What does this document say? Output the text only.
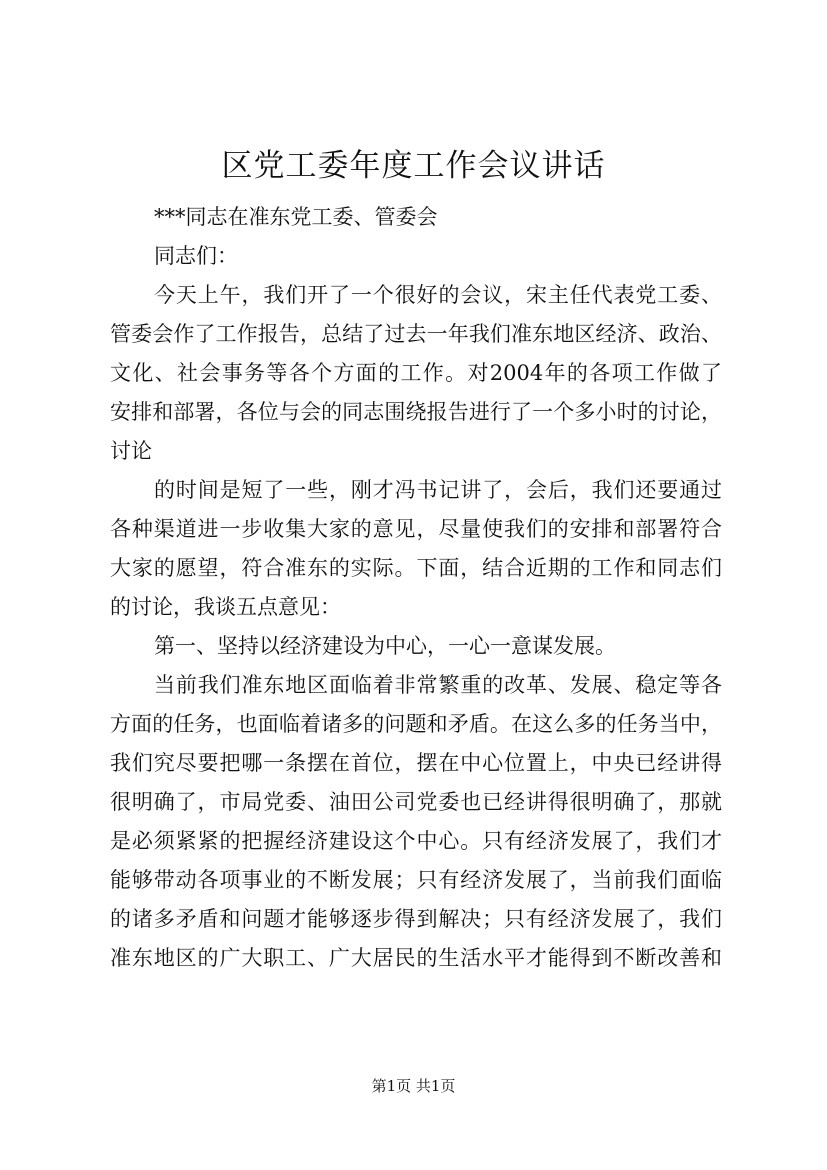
区党工委年度工作会议讲话
***同志在准东党工委、管委会
同志们：
今天上午，我们开了一个很好的会议，宋主任代表党工委、
管委会作了工作报告，总结了过去一年我们准东地区经济、政治、
文化、社会事务等各个方面的工作。对2004年的各项工作做了
安排和部署，各位与会的同志围绕报告进行了一个多小时的讨论，
讨论
的时间是短了一些，刚才冯书记讲了，会后，我们还要通过
各种渠道进一步收集大家的意见，尽量使我们的安排和部署符合
大家的愿望，符合准东的实际。下面，结合近期的工作和同志们
的讨论，我谈五点意见：
第一、坚持以经济建设为中心，一心一意谋发展。
当前我们准东地区面临着非常繁重的改革、发展、稳定等各
方面的任务，也面临着诸多的问题和矛盾。在这么多的任务当中，
我们究尽要把哪一条摆在首位，摆在中心位置上，中央已经讲得
很明确了，市局党委、油田公司党委也已经讲得很明确了，那就
是必须紧紧的把握经济建设这个中心。只有经济发展了，我们才
能够带动各项事业的不断发展；只有经济发展了，当前我们面临
的诸多矛盾和问题才能够逐步得到解决；只有经济发展了，我们
准东地区的广大职工、广大居民的生活水平才能得到不断改善和
第1页 共1页
